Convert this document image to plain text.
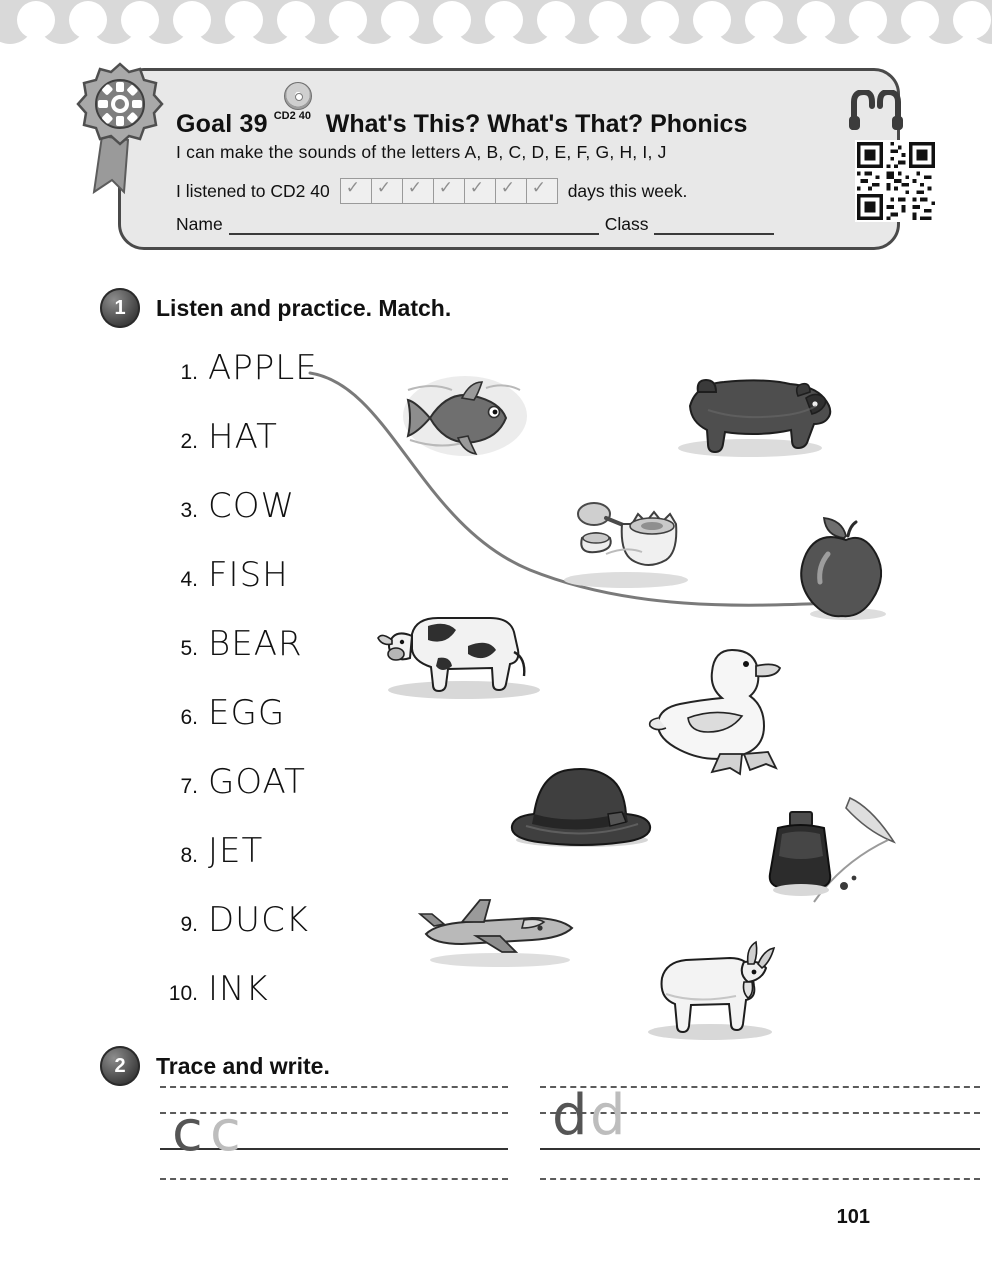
Goal 39 CD2 40 What's This? What's That? Phonics
I can make the sounds of the letters A, B, C, D, E, F, G, H, I, J
I listened to CD2 40 ✓ ✓ ✓ ✓ ✓ ✓ ✓	days this week.
Name	Class
1	Listen and practice. Match.
1. APPLE
2. HAT
3. COW
4. FISH
5. BEAR
6. EGG
7. GOAT
8. JET
9. DUCK
10. INK
2	Trace and write.
c c	d d
101
